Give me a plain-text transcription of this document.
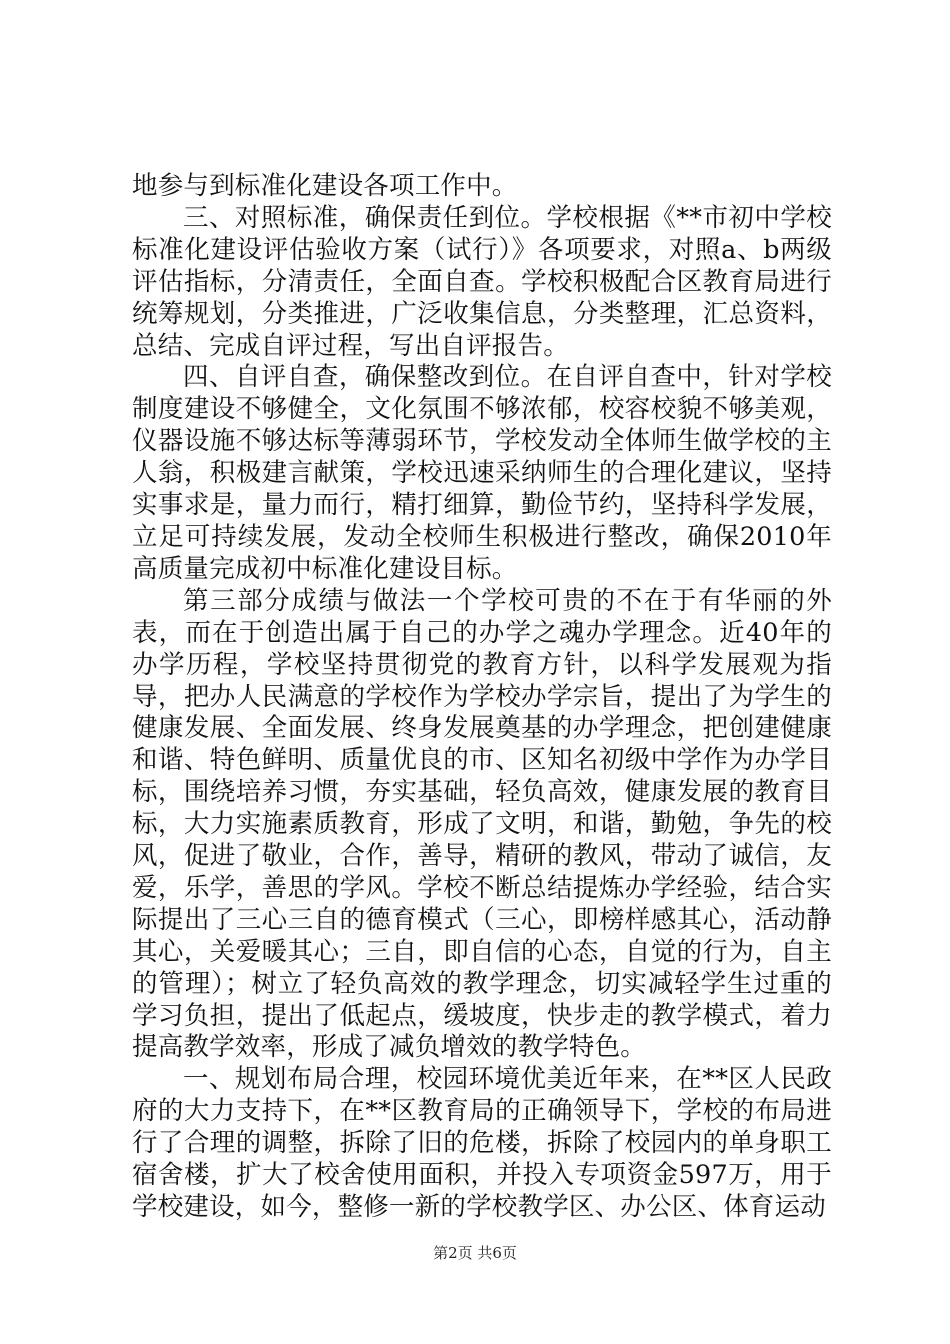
地参与到标准化建设各项工作中。

三、对照标准，确保责任到位。学校根据《**市初中学校标准化建设评估验收方案（试行）》各项要求，对照a、b两级评估指标，分清责任，全面自查。学校积极配合区教育局进行统筹规划，分类推进，广泛收集信息，分类整理，汇总资料，总结、完成自评过程，写出自评报告。

四、自评自查，确保整改到位。在自评自查中，针对学校制度建设不够健全，文化氛围不够浓郁，校容校貌不够美观，仪器设施不够达标等薄弱环节，学校发动全体师生做学校的主人翁，积极建言献策，学校迅速采纳师生的合理化建议，坚持实事求是，量力而行，精打细算，勤俭节约，坚持科学发展，立足可持续发展，发动全校师生积极进行整改，确保2010年高质量完成初中标准化建设目标。

第三部分成绩与做法一个学校可贵的不在于有华丽的外表，而在于创造出属于自己的办学之魂办学理念。近40年的办学历程，学校坚持贯彻党的教育方针，以科学发展观为指导，把办人民满意的学校作为学校办学宗旨，提出了为学生的健康发展、全面发展、终身发展奠基的办学理念，把创建健康和谐、特色鲜明、质量优良的市、区知名初级中学作为办学目标，围绕培养习惯，夯实基础，轻负高效，健康发展的教育目标，大力实施素质教育，形成了文明，和谐，勤勉，争先的校风，促进了敬业，合作，善导，精研的教风，带动了诚信，友爱，乐学，善思的学风。学校不断总结提炼办学经验，结合实际提出了三心三自的德育模式（三心，即榜样感其心，活动静其心，关爱暖其心；三自，即自信的心态，自觉的行为，自主的管理）；树立了轻负高效的教学理念，切实减轻学生过重的学习负担，提出了低起点，缓坡度，快步走的教学模式，着力提高教学效率，形成了减负增效的教学特色。

一、规划布局合理，校园环境优美近年来，在**区人民政府的大力支持下，在**区教育局的正确领导下，学校的布局进行了合理的调整，拆除了旧的危楼，拆除了校园内的单身职工宿舍楼，扩大了校舍使用面积，并投入专项资金597万，用于学校建设，如今，整修一新的学校教学区、办公区、体育运动

第2页 共6页
